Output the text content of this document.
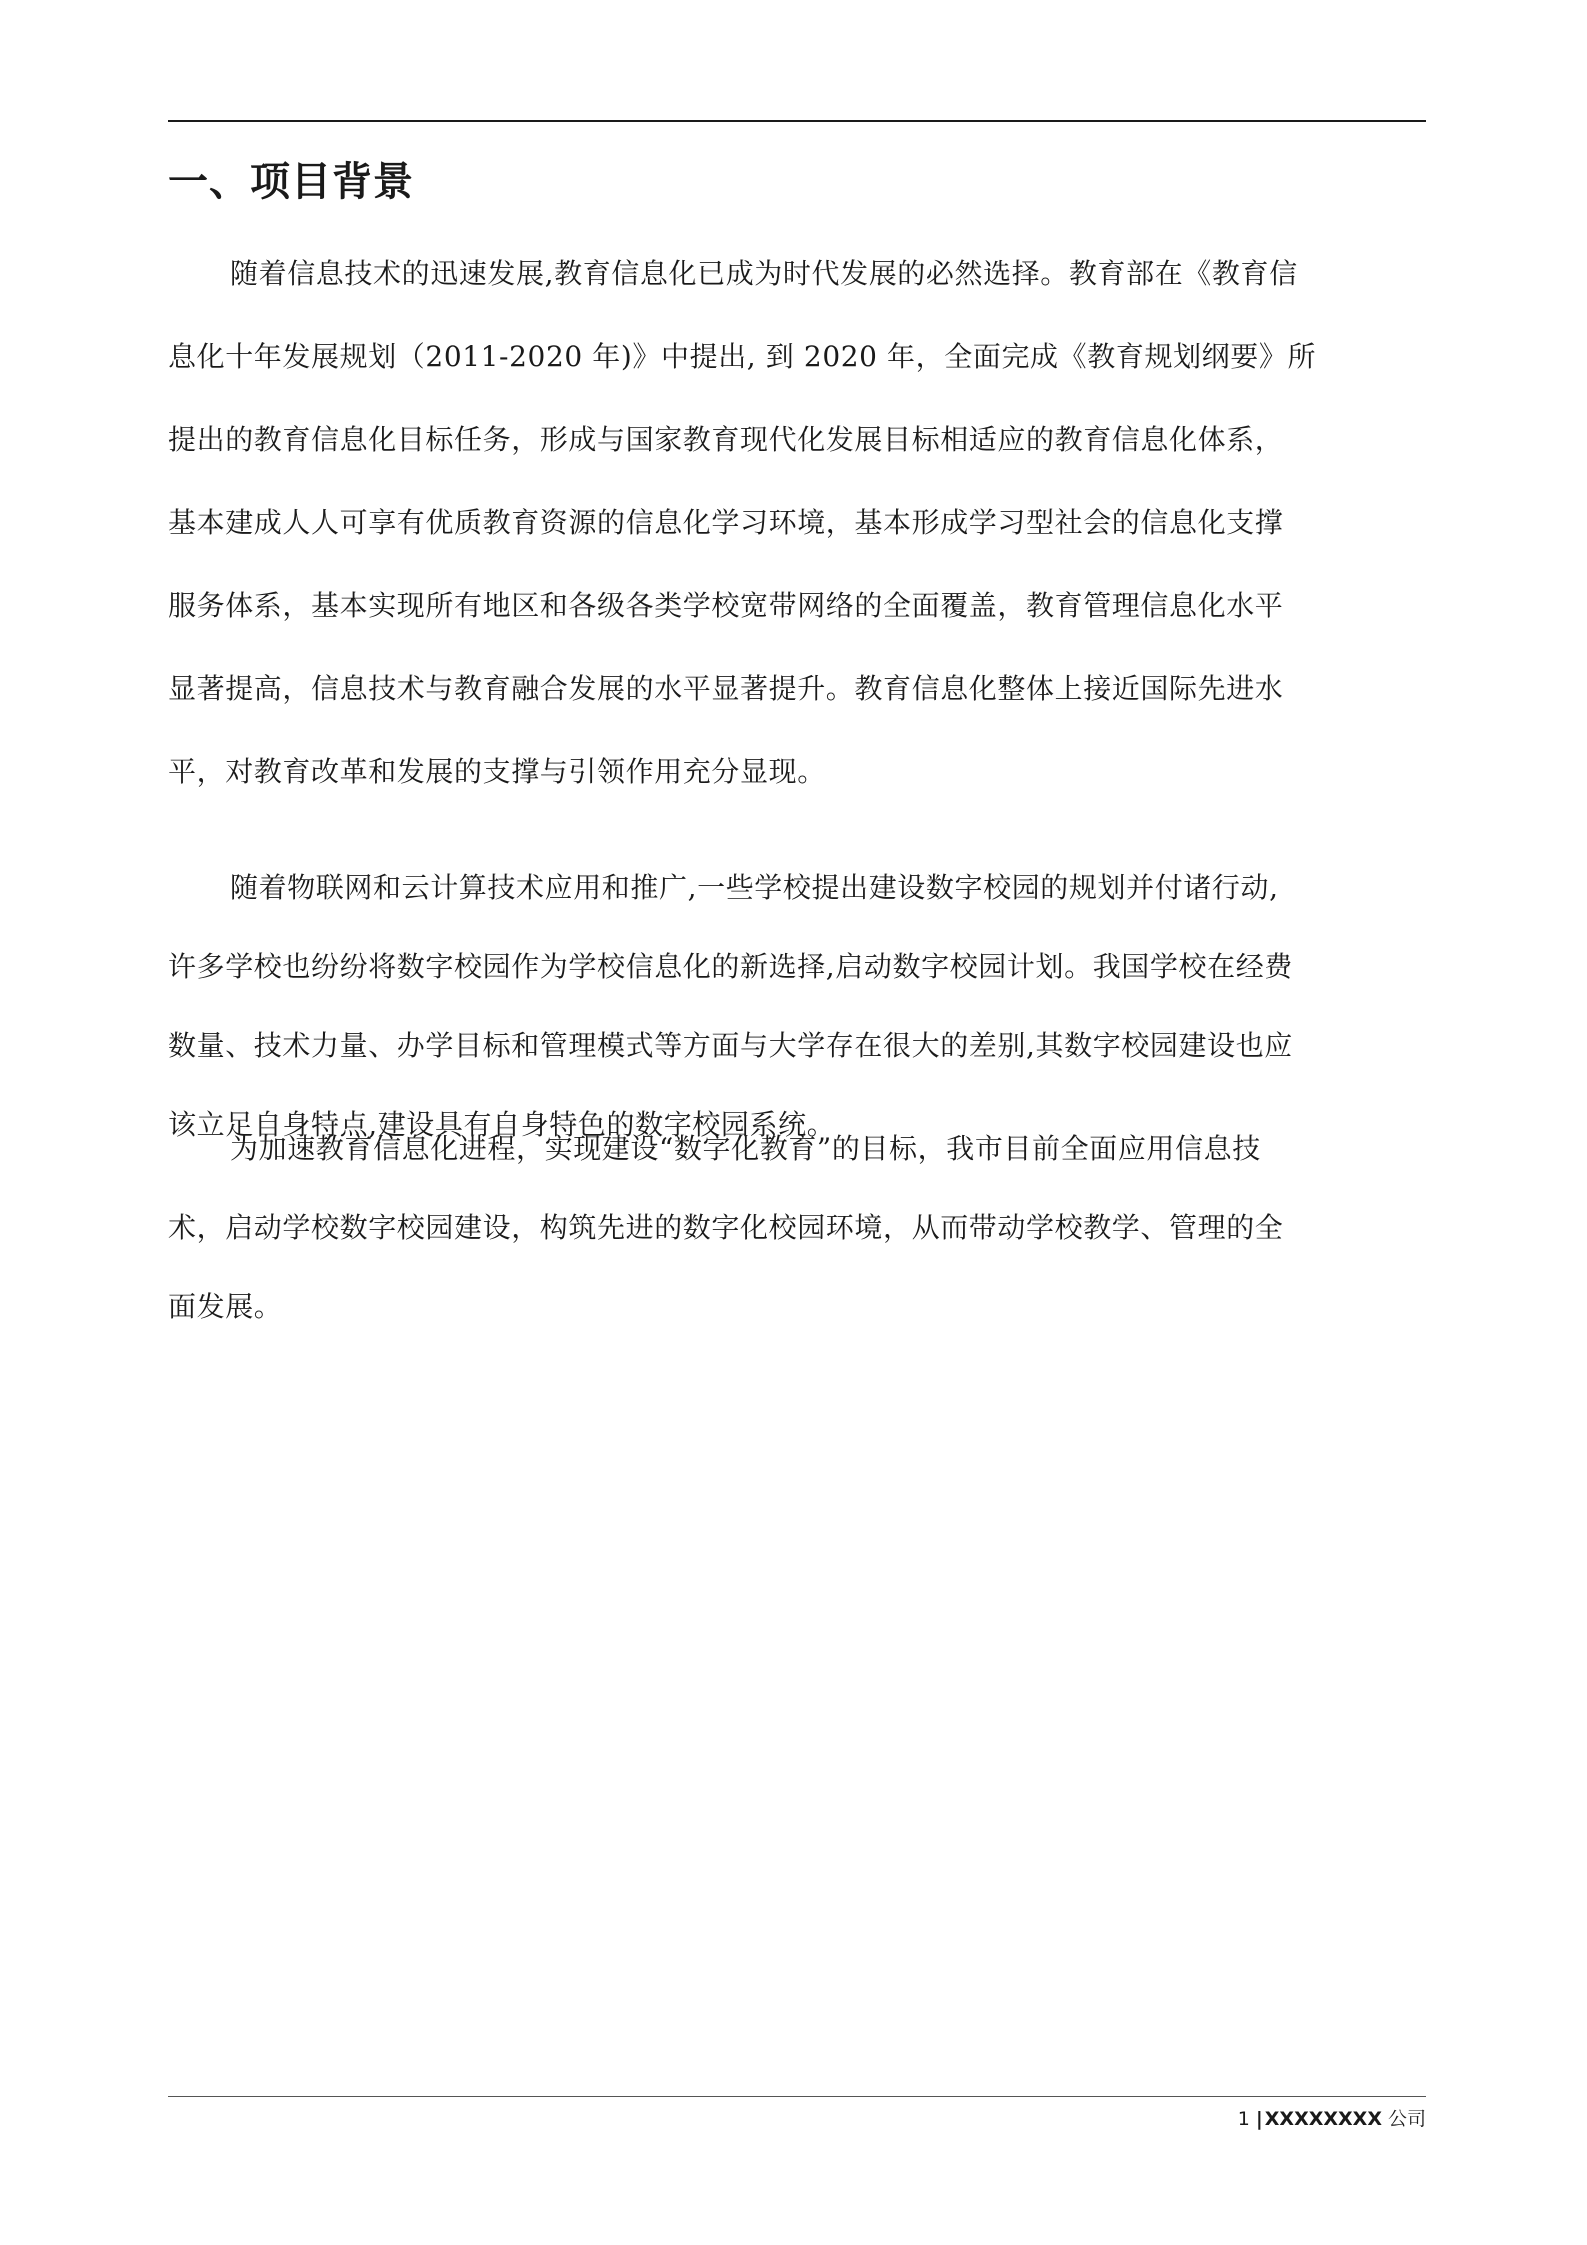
一、项目背景

随着信息技术的迅速发展,教育信息化已成为时代发展的必然选择。教育部在《教育信
息化十年发展规划（2011-2020 年)》中提出, 到 2020 年，全面完成《教育规划纲要》所
提出的教育信息化目标任务，形成与国家教育现代化发展目标相适应的教育信息化体系，
基本建成人人可享有优质教育资源的信息化学习环境，基本形成学习型社会的信息化支撑
服务体系，基本实现所有地区和各级各类学校宽带网络的全面覆盖，教育管理信息化水平
显著提高，信息技术与教育融合发展的水平显著提升。教育信息化整体上接近国际先进水
平，对教育改革和发展的支撑与引领作用充分显现。

随着物联网和云计算技术应用和推广,一些学校提出建设数字校园的规划并付诸行动,
许多学校也纷纷将数字校园作为学校信息化的新选择,启动数字校园计划。我国学校在经费
数量、技术力量、办学目标和管理模式等方面与大学存在很大的差别,其数字校园建设也应
该立足自身特点,建设具有自身特色的数字校园系统。

为加速教育信息化进程，实现建设“数字化教育”的目标，我市目前全面应用信息技
术，启动学校数字校园建设，构筑先进的数字化校园环境，从而带动学校教学、管理的全
面发展。

1 | XXXXXXXX 公司
